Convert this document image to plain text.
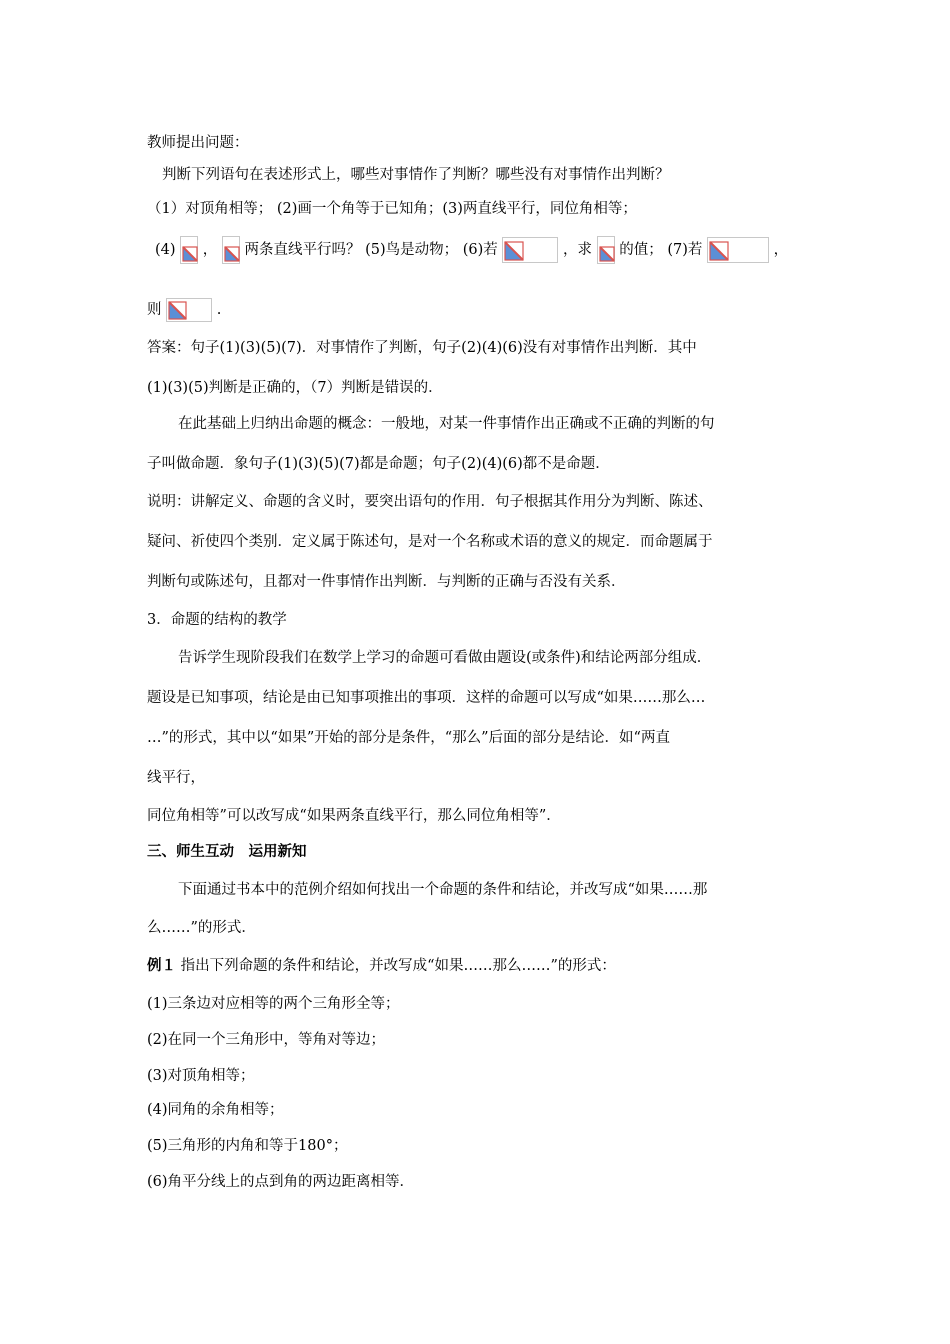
教师提出问题：
判断下列语句在表述形式上，哪些对事情作了判断？哪些没有对事情作出判断？
（1）对顶角相等； (2)画一个角等于已知角；(3)两直线平行，同位角相等；
(4) ， 两条直线平行吗？ (5)鸟是动物； (6)若	，求 的值； (7)若	，
则	.
答案：句子(1)(3)(5)(7)．对事情作了判断，句子(2)(4)(6)没有对事情作出判断．其中
(1)(3)(5)判断是正确的，（7）判断是错误的．
在此基础上归纳出命题的概念：一般地，对某一件事情作出正确或不正确的判断的句
子叫做命题．象句子(1)(3)(5)(7)都是命题；句子(2)(4)(6)都不是命题．
说明：讲解定义、命题的含义时，要突出语句的作用．句子根据其作用分为判断、陈述、
疑问、祈使四个类别．定义属于陈述句，是对一个名称或术语的意义的规定．而命题属于
判断句或陈述句，且都对一件事情作出判断．与判断的正确与否没有关系．
3．命题的结构的教学
告诉学生现阶段我们在数学上学习的命题可看做由题设(或条件)和结论两部分组成．
题设是已知事项，结论是由已知事项推出的事项．这样的命题可以写成“如果……那么…
…”的形式，其中以“如果”开始的部分是条件，“那么”后面的部分是结论．如“两直
线平行，
同位角相等”可以改写成“如果两条直线平行，那么同位角相等”．
三、师生互动　运用新知
下面通过书本中的范例介绍如何找出一个命题的条件和结论，并改写成“如果……那
么……”的形式．
例１ 指出下列命题的条件和结论，并改写成“如果……那么……”的形式：
(1)三条边对应相等的两个三角形全等；
(2)在同一个三角形中，等角对等边；
(3)对顶角相等；
(4)同角的余角相等；
(5)三角形的内角和等于180°；
(6)角平分线上的点到角的两边距离相等．
